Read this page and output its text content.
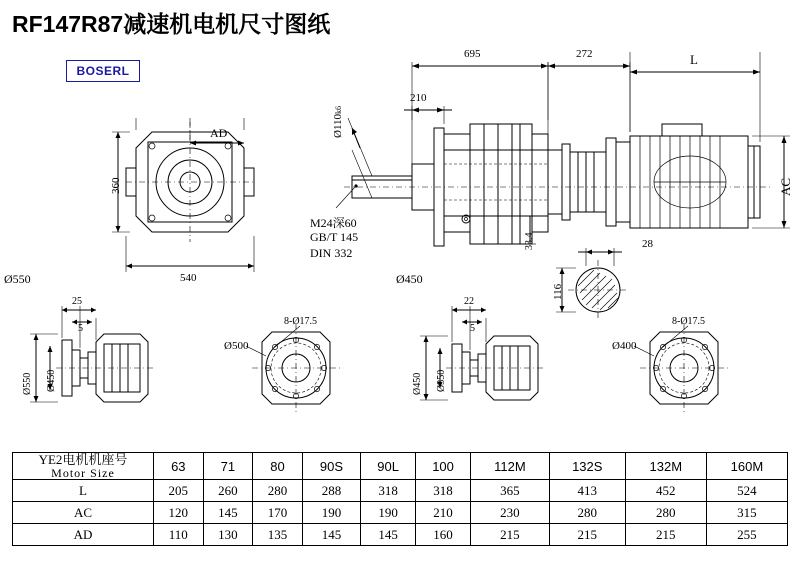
RF147R87减速机电机尺寸图纸
BOSERL
695
210
272	L
AD
360
540
AC
33.4	28
116
Ø110k6
M24深60
GB/T 145
DIN 332
Ø550	Ø450
25
5
Ø550 Ø450
Ø500
8-Ø17.5
22
5
Ø450 Ø350
Ø400
8-Ø17.5
YE2电机机座号
Motor Size	63	71	80	90S	90L	100	112M	132S	132M	160M
L	205	260	280	288	318	318	365	413	452	524
AC	120	145	170	190	190	210	230	280	280	315
AD	110	130	135	145	145	160	215	215	215	255
